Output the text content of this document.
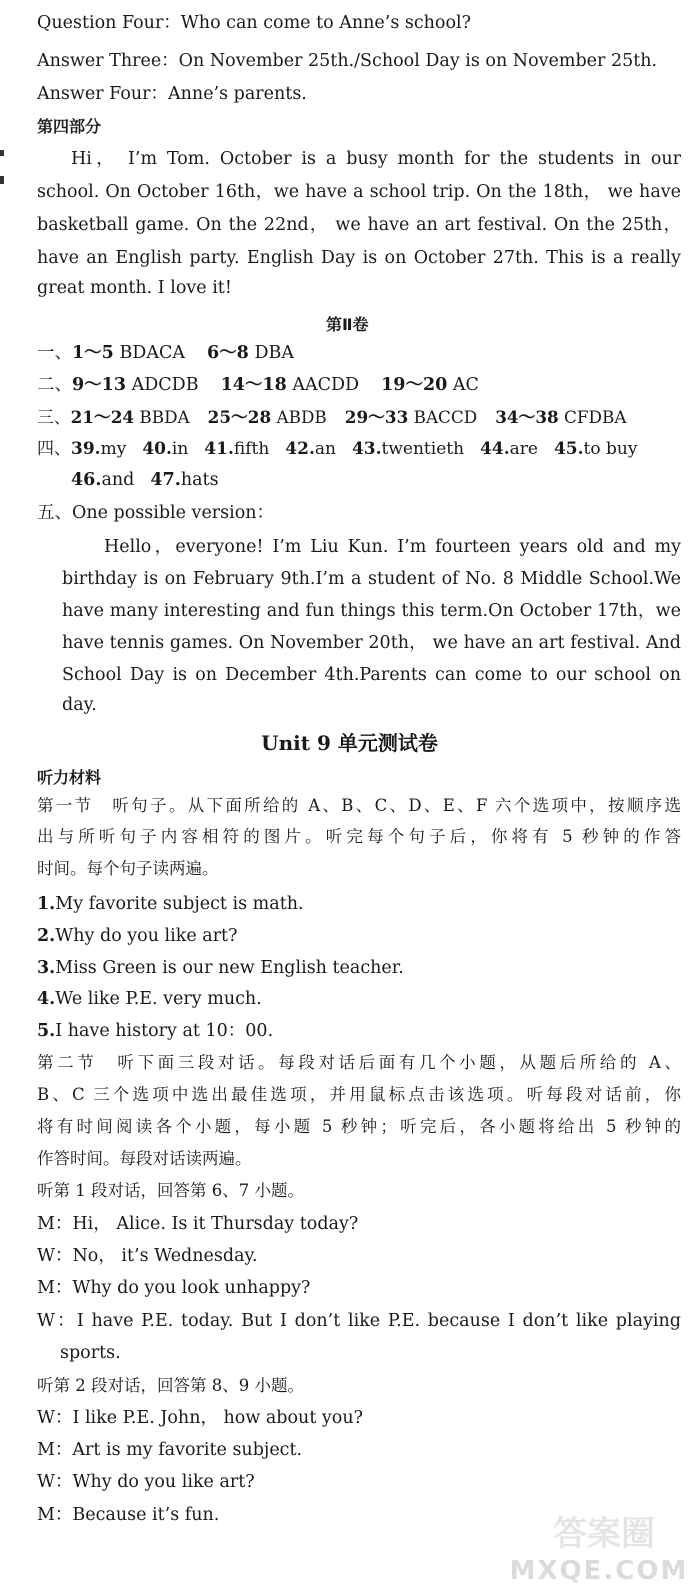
Question Four：Who can come to Anne’s school?
Answer Three：On November 25th./School Day is on November 25th.
Answer Four：Anne’s parents.
第四部分
Hi， I’m Tom. October is a busy month for the students in our
school. On October 16th，we have a school trip. On the 18th， we have
basketball game. On the 22nd， we have an art festival. On the 25th，
have an English party. English Day is on October 27th. This is a really
great month. I love it!
第Ⅱ卷
一、1～5 BDACA 6～8 DBA
二、9～13 ADCDB 14～18 AACDD 19～20 AC
三、21～24 BBDA 25～28 ABDB 29～33 BACCD 34～38 CFDBA
四、39.my 40.in 41.fifth 42.an 43.twentieth 44.are 45.to buy
46.and 47.hats
五、One possible version：
Hello，everyone! I’m Liu Kun. I’m fourteen years old and my
birthday is on February 9th.I’m a student of No. 8 Middle School.We
have many interesting and fun things this term.On October 17th，we
have tennis games. On November 20th， we have an art festival. And
School Day is on December 4th.Parents can come to our school on
day.
Unit 9 单元测试卷
听力材料
第一节　听句子。从下面所给的 A、B、C、D、E、F 六个选项中，按顺序选
出与所听句子内容相符的图片。听完每个句子后，你将有 5 秒钟的作答
时间。每个句子读两遍。
1.My favorite subject is math.
2.Why do you like art?
3.Miss Green is our new English teacher.
4.We like P.E. very much.
5.I have history at 10：00.
第二节　听下面三段对话。每段对话后面有几个小题，从题后所给的 A、
B、C 三个选项中选出最佳选项，并用鼠标点击该选项。听每段对话前，你
将有时间阅读各个小题，每小题 5 秒钟；听完后，各小题将给出 5 秒钟的
作答时间。每段对话读两遍。
听第 1 段对话，回答第 6、7 小题。
M：Hi， Alice. Is it Thursday today?
W：No， it’s Wednesday.
M：Why do you look unhappy?
W：I have P.E. today. But I don’t like P.E. because I don’t like playing
sports.
听第 2 段对话，回答第 8、9 小题。
W：I like P.E. John， how about you?
M：Art is my favorite subject.
W：Why do you like art?
M：Because it’s fun.	答案圈
MXQE.COM
